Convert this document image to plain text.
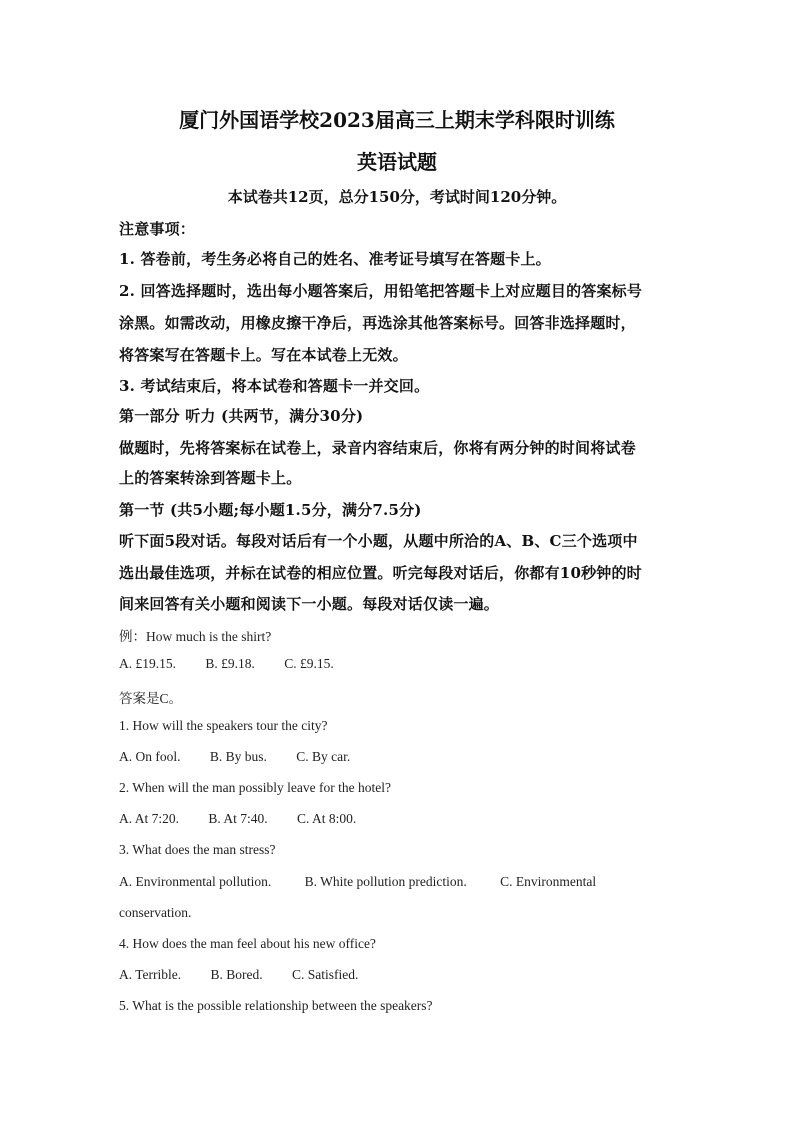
厦门外国语学校2023届高三上期末学科限时训练
英语试题
本试卷共12页，总分150分，考试时间120分钟。
注意事项：
1. 答卷前，考生务必将自己的姓名、准考证号填写在答题卡上。
2. 回答选择题时，选出每小题答案后，用铅笔把答题卡上对应题目的答案标号
涂黑。如需改动，用橡皮擦干净后，再选涂其他答案标号。回答非选择题时，
将答案写在答题卡上。写在本试卷上无效。
3. 考试结束后，将本试卷和答题卡一并交回。
第一部分 听力 (共两节，满分30分)
做题时，先将答案标在试卷上，录音内容结束后，你将有两分钟的时间将试卷
上的答案转涂到答题卡上。
第一节 (共5小题;每小题1.5分，满分7.5分)
听下面5段对话。每段对话后有一个小题，从题中所洽的A、B、C三个选项中
选出最佳选项，并标在试卷的相应位置。听完每段对话后，你都有10秒钟的时
间来回答有关小题和阅读下一小题。每段对话仅读一遍。
例：How much is the shirt?
A. £19.15. B. £9.18. C. £9.15.
答案是C。
1. How will the speakers tour the city?
A. On fool. B. By bus. C. By car.
2. When will the man possibly leave for the hotel?
A. At 7:20. B. At 7:40. C. At 8:00.
3. What does the man stress?
A. Environmental pollution. B. White pollution prediction. C. Environmental
conservation.
4. How does the man feel about his new office?
A. Terrible. B. Bored. C. Satisfied.
5. What is the possible relationship between the speakers?
